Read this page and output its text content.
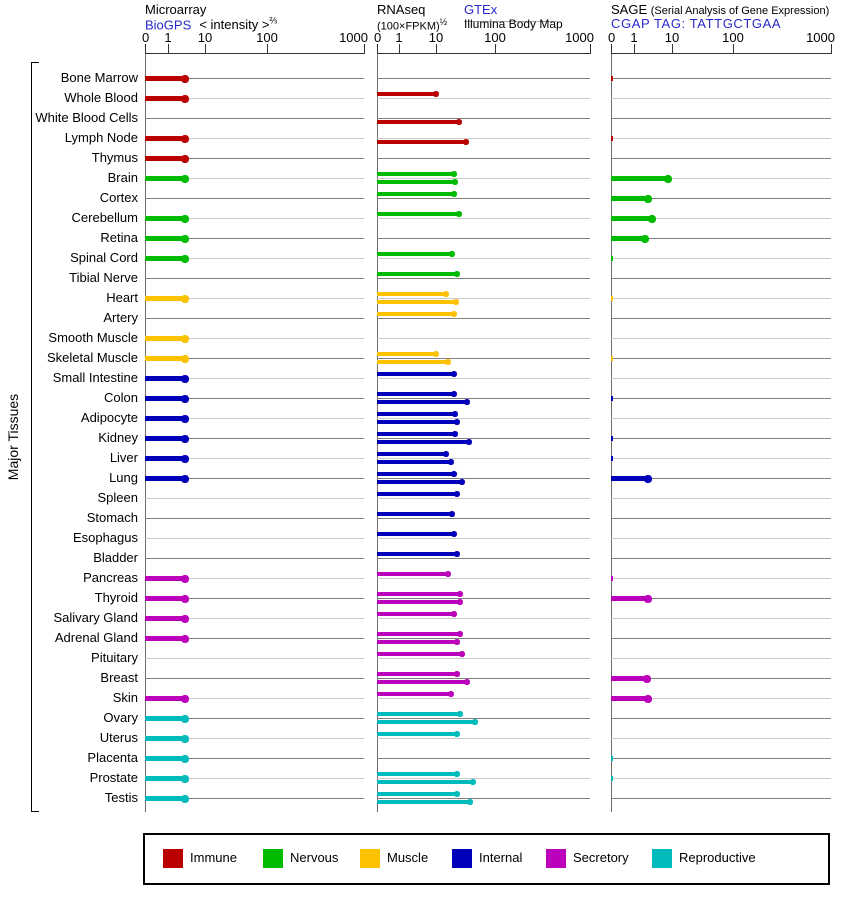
Microarray
BioGPS < intensity >$^{\frac{2}{3}}$
RNAseq
(100×FPKM)$^{\frac{1}{2}}$
GTEx
Illumina Body Map
SAGE (Serial Analysis of Gene Expression)
CGAP TAG: TATTGCTGAA
Major Tissues
0	1	10	100	1000 0	1	10	100	1000 0	1	10	100	1000
Bone Marrow
Whole Blood
White Blood Cells
Lymph Node
Thymus
Brain
Cortex
Cerebellum
Retina
Spinal Cord
Tibial Nerve
Heart
Artery
Smooth Muscle
Skeletal Muscle
Small Intestine
Colon
Adipocyte
Kidney
Liver
Lung
Spleen
Stomach
Esophagus
Bladder
Pancreas
Thyroid
Salivary Gland
Adrenal Gland
Pituitary
Breast
Skin
Ovary
Uterus
Placenta
Prostate
Testis
Immune	Nervous	Muscle	Internal	Secretory	Reproductive
